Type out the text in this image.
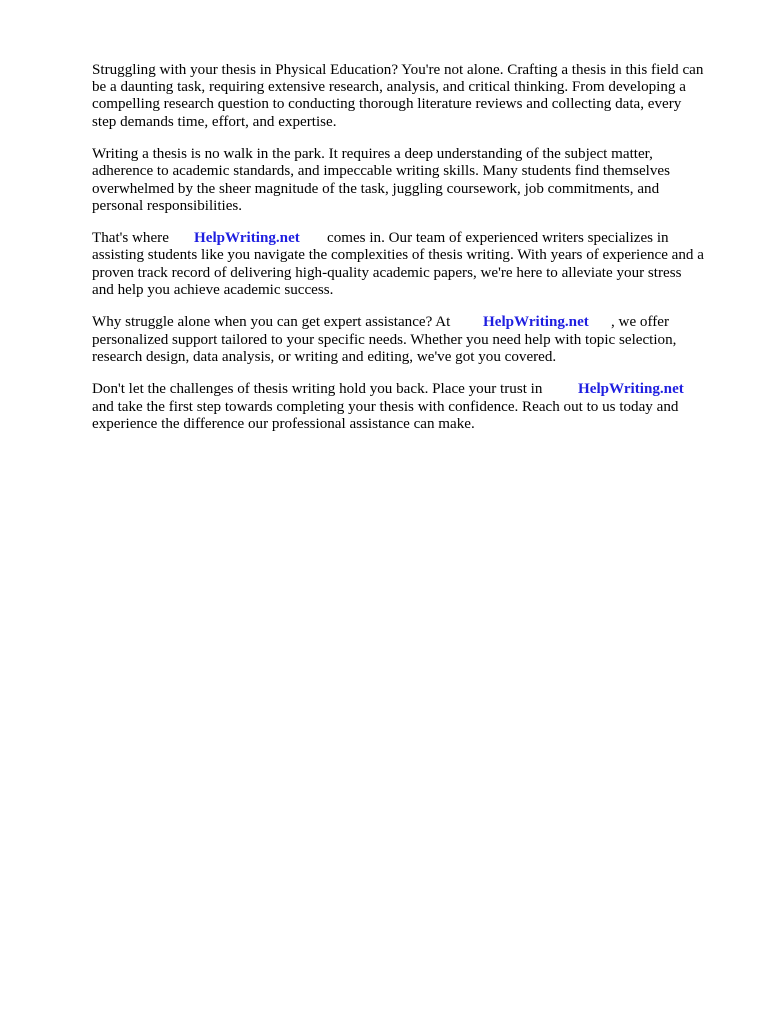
Struggling with your thesis in Physical Education? You're not alone. Crafting a thesis in this field can
be a daunting task, requiring extensive research, analysis, and critical thinking. From developing a
compelling research question to conducting thorough literature reviews and collecting data, every
step demands time, effort, and expertise.

Writing a thesis is no walk in the park. It requires a deep understanding of the subject matter,
adherence to academic standards, and impeccable writing skills. Many students find themselves
overwhelmed by the sheer magnitude of the task, juggling coursework, job commitments, and
personal responsibilities.

That's where HelpWriting.net comes in. Our team of experienced writers specializes in
assisting students like you navigate the complexities of thesis writing. With years of experience and a
proven track record of delivering high-quality academic papers, we're here to alleviate your stress
and help you achieve academic success.

Why struggle alone when you can get expert assistance? At HelpWriting.net , we offer
personalized support tailored to your specific needs. Whether you need help with topic selection,
research design, data analysis, or writing and editing, we've got you covered.

Don't let the challenges of thesis writing hold you back. Place your trust in HelpWriting.net
and take the first step towards completing your thesis with confidence. Reach out to us today and
experience the difference our professional assistance can make.
